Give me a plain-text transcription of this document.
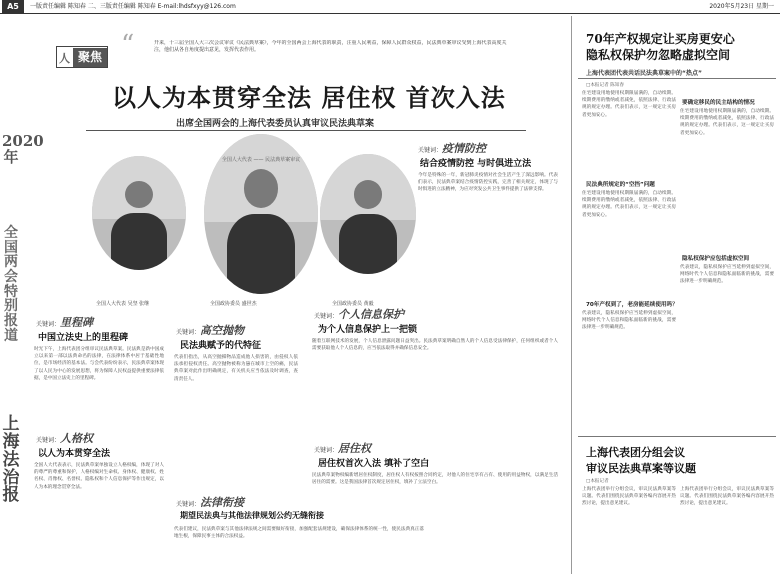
A5	一版责任编辑 陈知春 二、三版责任编辑 陈知春 E-mail:lhdsfxyy@126.com	2020年5月23日 星期一
2020年
全国两会特别报道
上海法治报
人 聚焦 “	开来，十三届全国人大三次会议审议《民法典草案》，今年的全国两会上海代表的职责，注重人民利益，保障人民群众权益，民法典草案审议受到上海代表高度关注，他们从各自角度提出意见，发挥代表作用。
以人为本贯穿全法 居住权 首次入法
出席全国两会的上海代表委员认真审议民法典草案
全国人大代表 —— 民法典草案审议
全国人大代表 吴坚 张继	全国政协委员 盛世杰	全国政协委员 黄毅
关键词：里程碑
中国立法史上的里程碑
时光下午，上海代表团分组审议民法典草案。民法典是新中国成立以来第一部以法典命名的法律，在法律体系中居于基础性地位，是市场经济的基本法。与会代表纷纷表示，民法典草案体现了以人民为中心的发展思想，将为保障人民权益提供重要法律依据，是中国立法史上的里程碑。
关键词：人格权
以人为本贯穿全法
全国人大代表表示，民法典草案单独设立人格权编，体现了对人的尊严的尊重和保护，人格权编对生命权、身体权、健康权、姓名权、肖像权、名誉权、隐私权和个人信息保护等作出规定，以人为本的理念贯穿全法。
关键词：高空抛物
民法典赋予的代特征
代表们指出，从高空抛掷物品造成他人损害的，由侵权人依法承担侵权责任。高空抛物被称为悬在城市上空的痛，民法典草案对此作出明确规定，有关机关应当依法及时调查，查清责任人。
关键词：法律衔接
期望民法典与其他法律规划公约无缝衔接
代表们建议，民法典草案与其他法律法规之间需要做好衔接，加强配套法规建设，确保法律体系的统一性，使民法典真正落地生根，保障民事主体的合法权益。
关键词：疫情防控
结合疫情防控 与时俱进立法
今年是特殊的一年，新冠肺炎疫情对社会生活产生了深远影响。代表们表示，民法典草案结合疫情防控实践，完善了相关规定，体现了与时俱进的立法精神，为应对突发公共卫生事件提供了法律支撑。
关键词：个人信息保护
为个人信息保护上一把锁
随着互联网技术的发展，个人信息泄露问题日益突出。民法典草案明确自然人的个人信息受法律保护，任何组织或者个人需要获取他人个人信息的，应当依法取得并确保信息安全。
关键词：居住权
居住权首次入法 填补了空白
民法典草案物权编新增居住权制度，居住权人有权按照合同约定，对他人的住宅享有占有、使用的用益物权，以满足生活居住的需要。这是我国法律首次规定居住权，填补了立法空白。
70年产权规定让买房更安心
隐私权保护勿忽略虚拟空间
上海代表团代表共话民法典草案中的“热点”
□本报记者 陈知春
民法典所规定的“空挡”问题
住宅建设用地使用权期限届满的，自动续期。续期费用的缴纳或者减免，依照法律、行政法规的规定办理。代表们表示，这一规定让买房者更加安心。
住宅建设用地使用权期限届满的，自动续期。续期费用的缴纳或者减免，依照法律、行政法规的规定办理。代表们表示，这一规定让买房者更加安心。
70年产权到了，老房能延续使用吗？
代表建议，隐私权保护应当延伸到虚拟空间，网络时代个人信息和隐私面临新的挑战，需要法律进一步明确规范。
要确定移民的民主结构的情况
住宅建设用地使用权期限届满的，自动续期。续期费用的缴纳或者减免，依照法律、行政法规的规定办理。代表们表示，这一规定让买房者更加安心。
隐私权保护应包括虚拟空间
代表建议，隐私权保护应当延伸到虚拟空间，网络时代个人信息和隐私面临新的挑战，需要法律进一步明确规范。
上海代表团分组会议
审议民法典草案等议题
□本报记者
上海代表团举行分组会议，审议民法典草案等议题。代表们围绕民法典草案各编内容展开热烈讨论，提出意见建议。
上海代表团举行分组会议，审议民法典草案等议题。代表们围绕民法典草案各编内容展开热烈讨论，提出意见建议。
